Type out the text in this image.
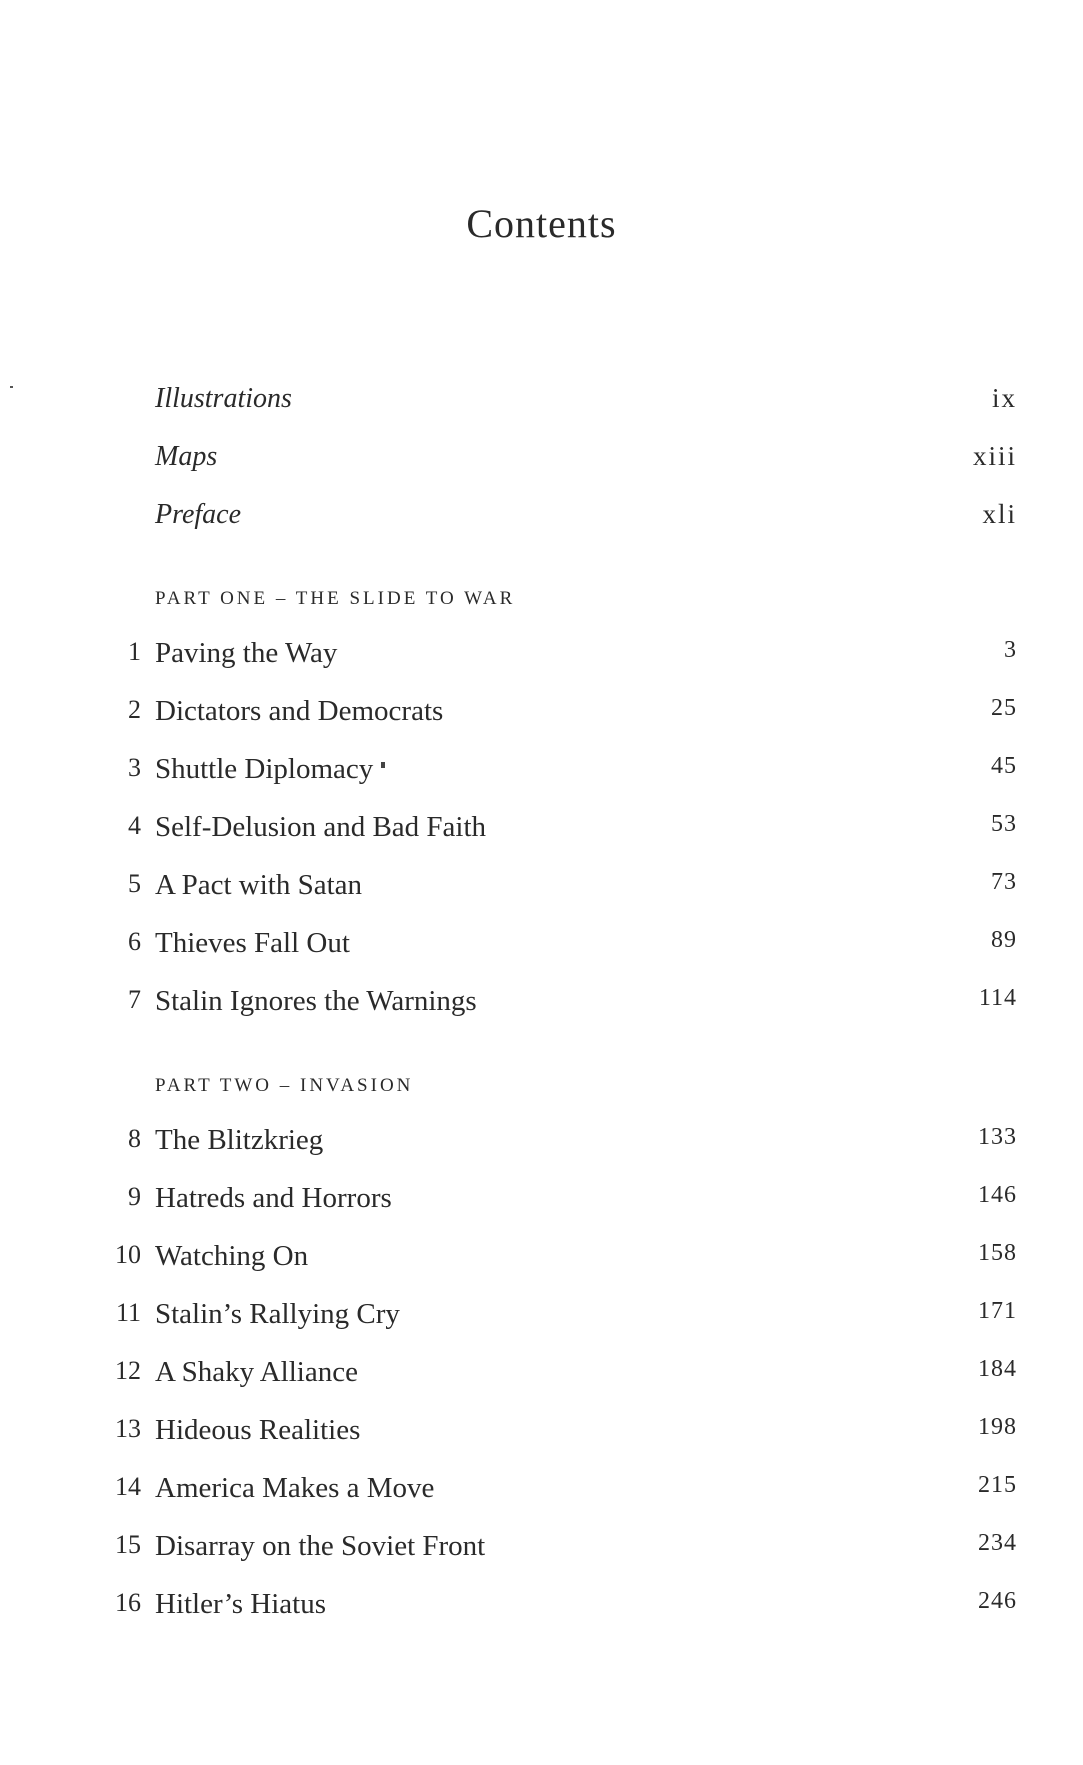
Contents
Illustrations	ix
Maps	xiii
Preface	xli
PART ONE – THE SLIDE TO WAR
1 Paving the Way	3
2 Dictators and Democrats	25
3 Shuttle Diplomacy	45
4 Self-Delusion and Bad Faith	53
5 A Pact with Satan	73
6 Thieves Fall Out	89
7 Stalin Ignores the Warnings	114
PART TWO – INVASION
8 The Blitzkrieg	133
9 Hatreds and Horrors	146
10 Watching On	158
11 Stalin’s Rallying Cry	171
12 A Shaky Alliance	184
13 Hideous Realities	198
14 America Makes a Move	215
15 Disarray on the Soviet Front	234
16 Hitler’s Hiatus	246
